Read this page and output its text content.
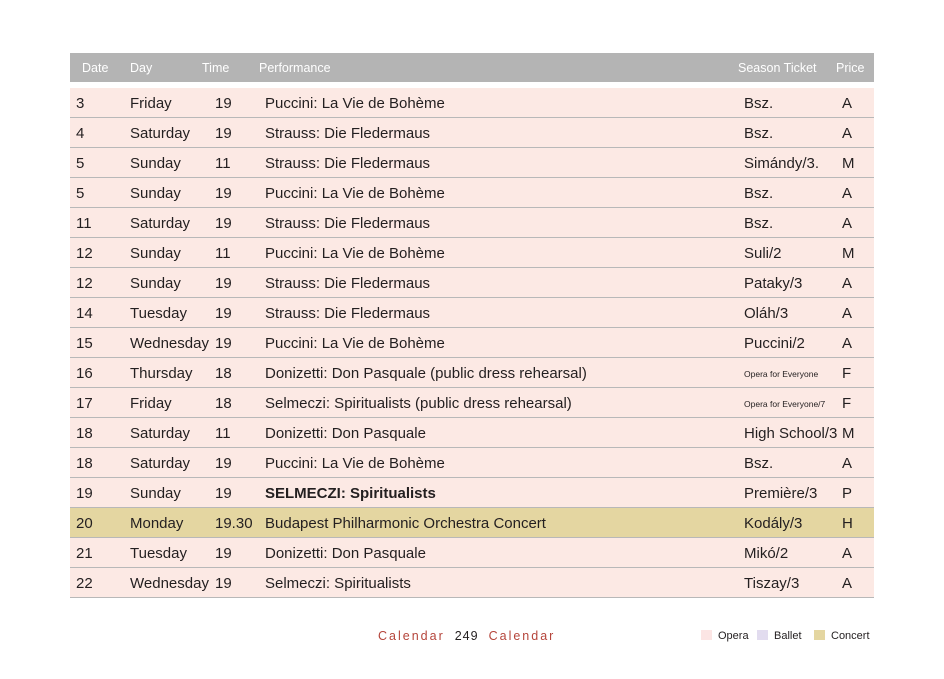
Date Day	Time Performance	Season Ticket Price
3	Friday	19 Puccini: La Vie de Bohème	Bsz.	A
4	Saturday 19 Strauss: Die Fledermaus	Bsz.	A
5	Sunday 11 Strauss: Die Fledermaus	Simándy/3. M
5	Sunday 19 Puccini: La Vie de Bohème	Bsz.	A
11	Saturday 19 Strauss: Die Fledermaus	Bsz.	A
12 Sunday 11 Puccini: La Vie de Bohème	Suli/2	M
12 Sunday 19 Strauss: Die Fledermaus	Pataky/3	A
14 Tuesday 19 Strauss: Die Fledermaus	Oláh/3	A
15 Wednesday 19 Puccini: La Vie de Bohème	Puccini/2 A
16 Thursday 18 Donizetti: Don Pasquale (public dress rehearsal)	Opera for Everyone F
17 Friday	18 Selmeczi: Spiritualists (public dress rehearsal)	Opera for Everyone/7 F
18 Saturday 11 Donizetti: Don Pasquale	High School/3 M
18 Saturday 19 Puccini: La Vie de Bohème	Bsz.	A
19 Sunday 19 SELMECZI: Spiritualists	Première/3 P
20 Monday 19.30 Budapest Philharmonic Orchestra Concert	Kodály/3	H
21 Tuesday 19 Donizetti: Don Pasquale	Mikó/2	A
22 Wednesday 19 Selmeczi: Spiritualists	Tiszay/3	A
Calendar 249 Calendar	Opera	Ballet	Concert
